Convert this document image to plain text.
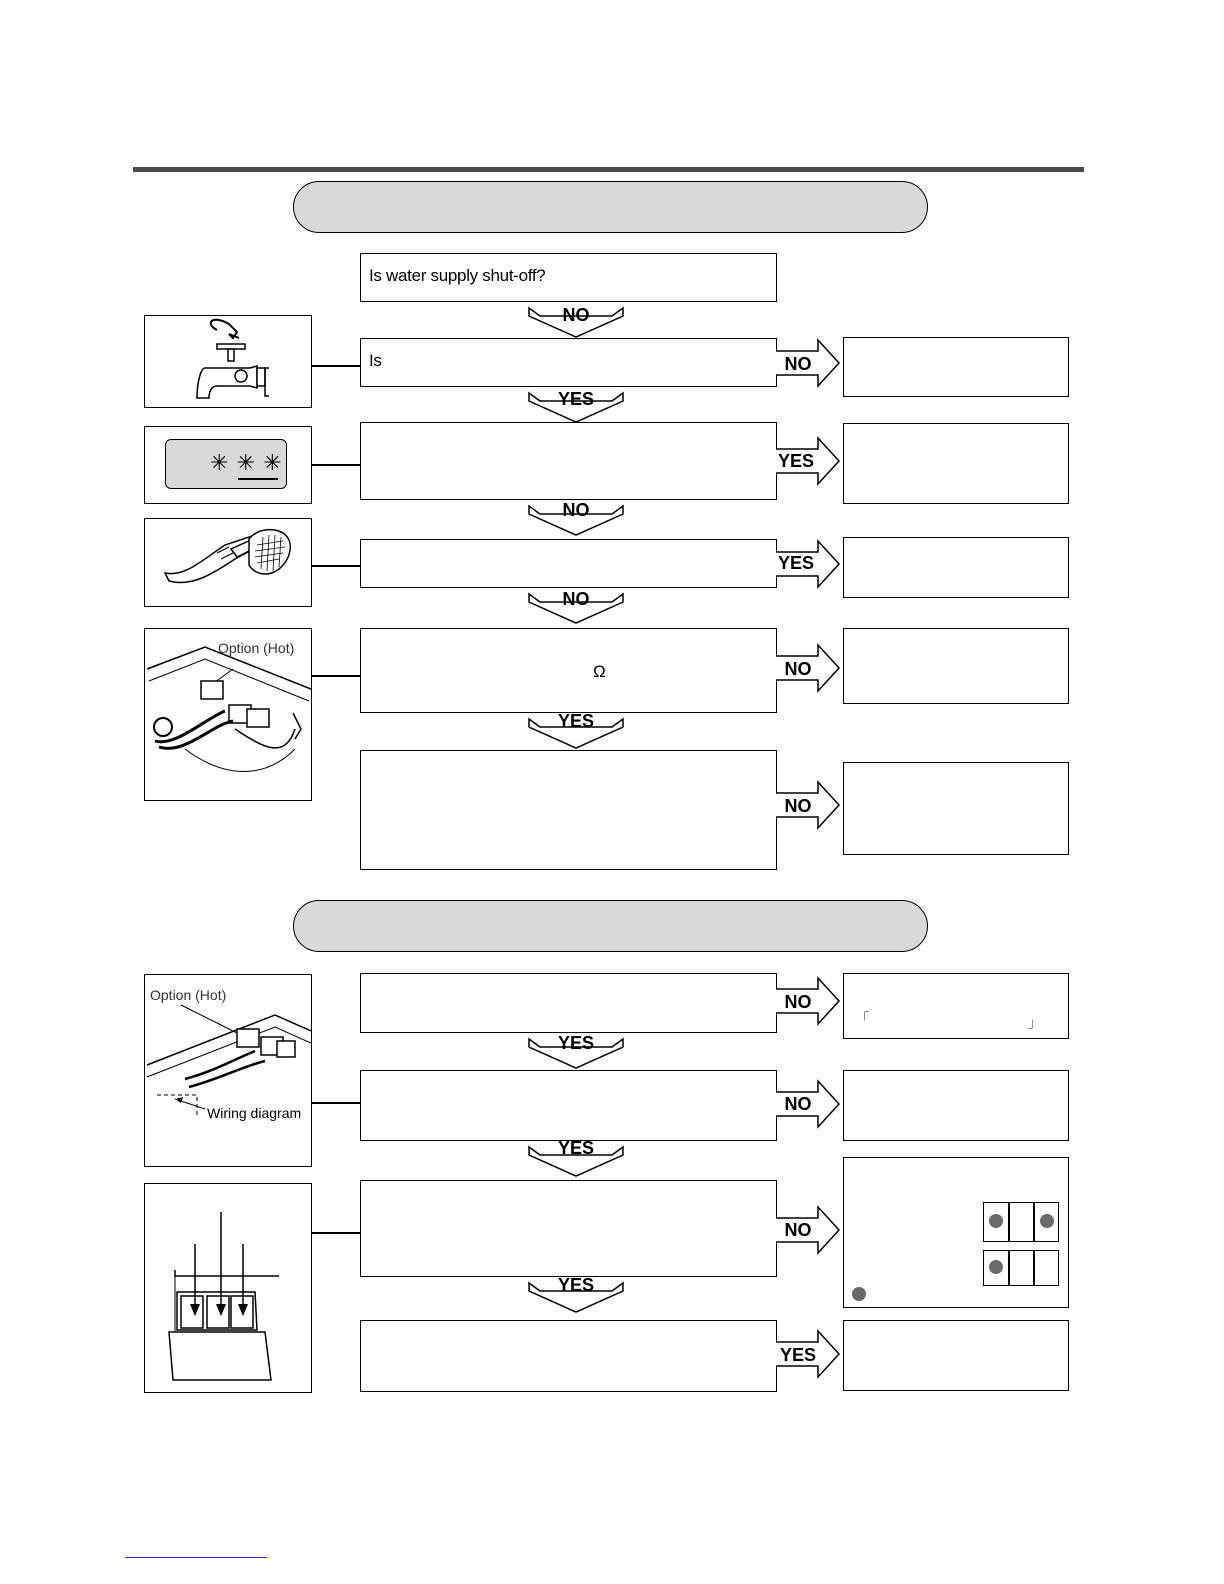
✳ ✳ ✳
Option (Hot)
Option (Hot)
Wiring diagram
Is water supply shut-off?
Is
Ω
「	」
NO
YES
NO
NO
YES
YES
YES
YES
NO
YES
YES
NO
NO
NO
NO
NO
YES
